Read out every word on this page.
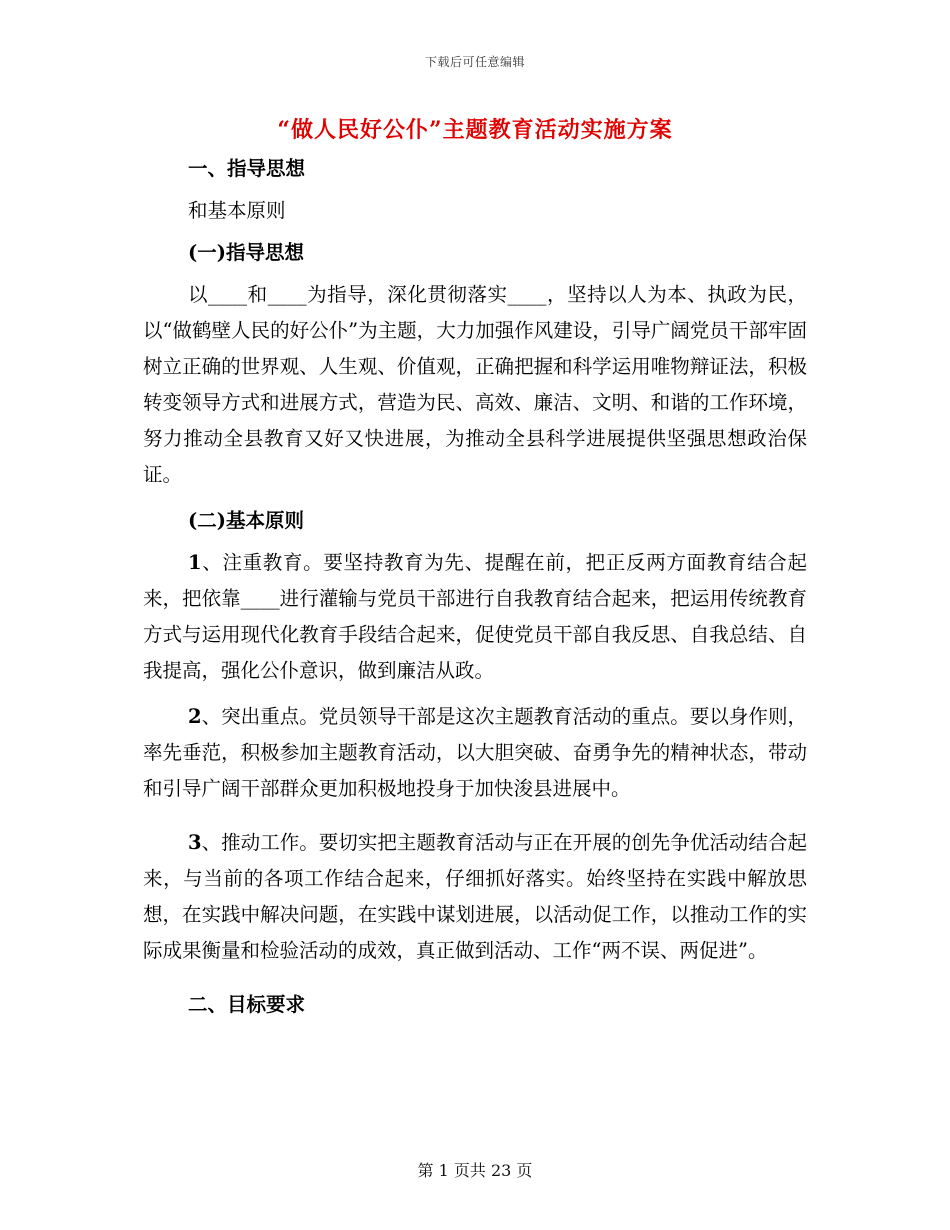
下载后可任意编辑
“做人民好公仆”主题教育活动实施方案

一、指导思想

和基本原则

(一)指导思想

以____和____为指导，深化贯彻落实____，坚持以人为本、执政为民，以“做鹤壁人民的好公仆”为主题，大力加强作风建设，引导广阔党员干部牢固树立正确的世界观、人生观、价值观，正确把握和科学运用唯物辩证法，积极转变领导方式和进展方式，营造为民、高效、廉洁、文明、和谐的工作环境，努力推动全县教育又好又快进展，为推动全县科学进展提供坚强思想政治保证。

(二)基本原则

1、注重教育。要坚持教育为先、提醒在前，把正反两方面教育结合起来，把依靠____进行灌输与党员干部进行自我教育结合起来，把运用传统教育方式与运用现代化教育手段结合起来，促使党员干部自我反思、自我总结、自我提高，强化公仆意识，做到廉洁从政。

2、突出重点。党员领导干部是这次主题教育活动的重点。要以身作则，率先垂范，积极参加主题教育活动，以大胆突破、奋勇争先的精神状态，带动和引导广阔干部群众更加积极地投身于加快浚县进展中。

3、推动工作。要切实把主题教育活动与正在开展的创先争优活动结合起来，与当前的各项工作结合起来，仔细抓好落实。始终坚持在实践中解放思想，在实践中解决问题，在实践中谋划进展，以活动促工作，以推动工作的实际成果衡量和检验活动的成效，真正做到活动、工作“两不误、两促进”。

二、目标要求

第 1 页共 23 页
